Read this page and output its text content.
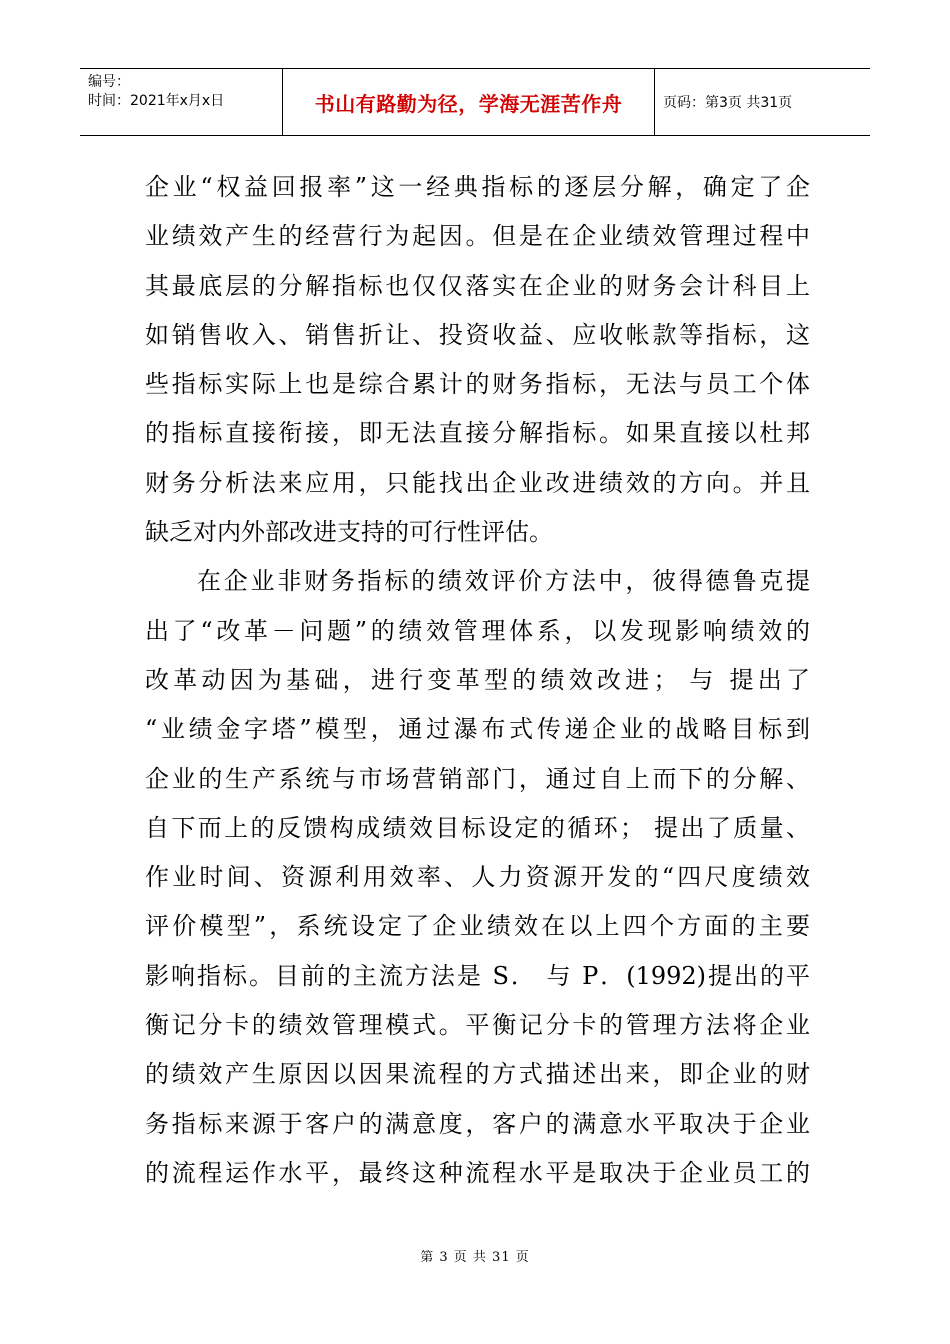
编号：
时间：2021年x月x日	书山有路勤为径，学海无涯苦作舟	页码：第3页 共31页
企业“权益回报率”这一经典指标的逐层分解，确定了企
业绩效产生的经营行为起因。但是在企业绩效管理过程中
其最底层的分解指标也仅仅落实在企业的财务会计科目上
如销售收入、销售折让、投资收益、应收帐款等指标，这
些指标实际上也是综合累计的财务指标，无法与员工个体
的指标直接衔接，即无法直接分解指标。如果直接以杜邦
财务分析法来应用，只能找出企业改进绩效的方向。并且
缺乏对内外部改进支持的可行性评估。
在企业非财务指标的绩效评价方法中，彼得德鲁克提
出了“改革－问题”的绩效管理体系，以发现影响绩效的
改革动因为基础，进行变革型的绩效改进； 与 提出了
“业绩金字塔”模型，通过瀑布式传递企业的战略目标到
企业的生产系统与市场营销部门，通过自上而下的分解、
自下而上的反馈构成绩效目标设定的循环； 提出了质量、
作业时间、资源利用效率、人力资源开发的“四尺度绩效
评价模型”，系统设定了企业绩效在以上四个方面的主要
影响指标。目前的主流方法是 S． 与 P．(1992)提出的平
衡记分卡的绩效管理模式。平衡记分卡的管理方法将企业
的绩效产生原因以因果流程的方式描述出来，即企业的财
务指标来源于客户的满意度，客户的满意水平取决于企业
的流程运作水平，最终这种流程水平是取决于企业员工的
第 3 页 共 31 页
